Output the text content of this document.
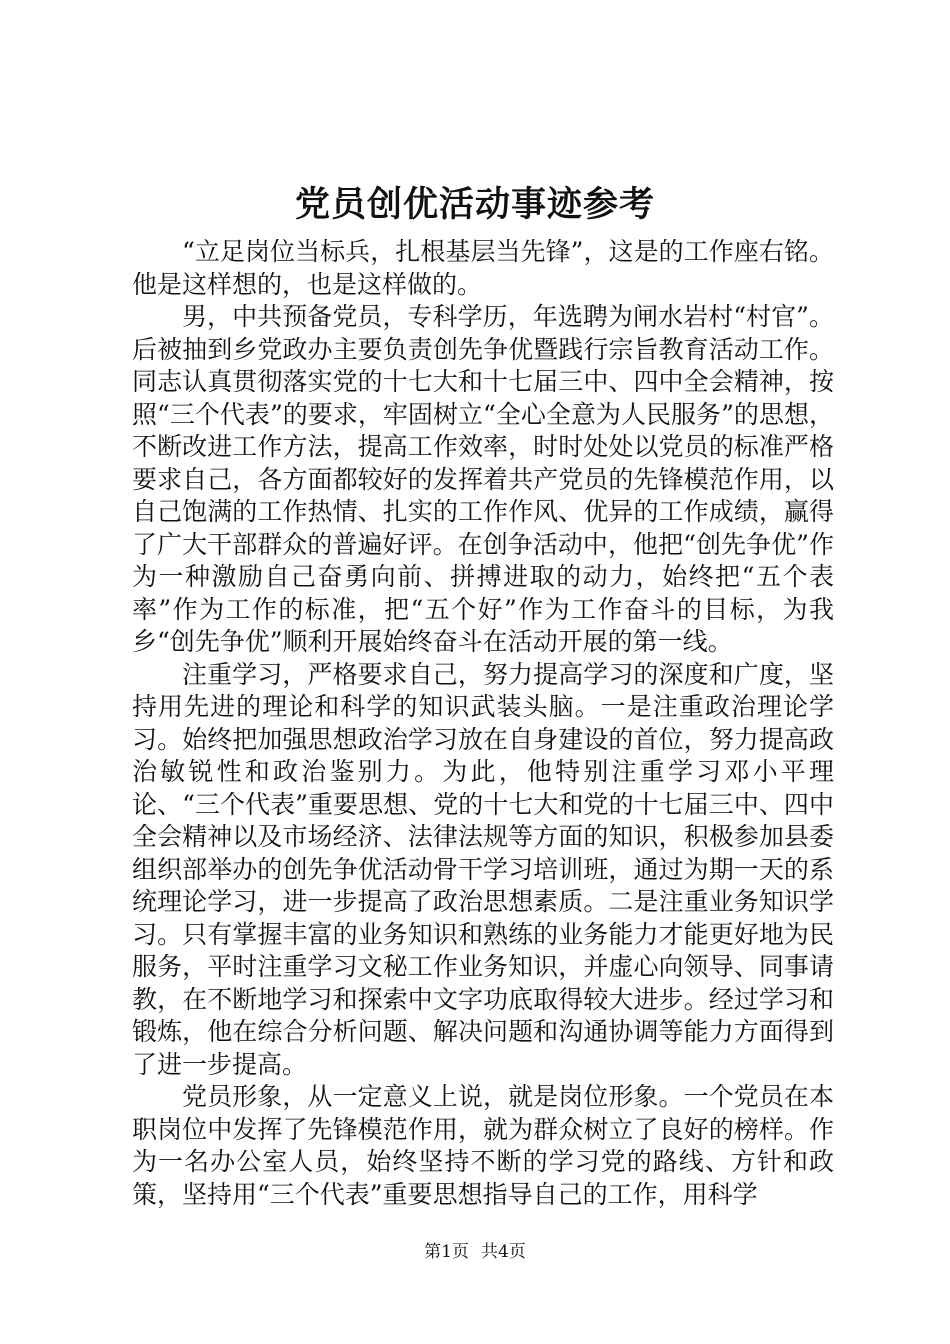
党员创优活动事迹参考

“立足岗位当标兵，扎根基层当先锋”，这是的工作座右铭。他是这样想的，也是这样做的。

男，中共预备党员，专科学历，年选聘为闸水岩村“村官”。后被抽到乡党政办主要负责创先争优暨践行宗旨教育活动工作。同志认真贯彻落实党的十七大和十七届三中、四中全会精神，按照“三个代表”的要求，牢固树立“全心全意为人民服务”的思想，不断改进工作方法，提高工作效率，时时处处以党员的标准严格要求自己，各方面都较好的发挥着共产党员的先锋模范作用，以自己饱满的工作热情、扎实的工作作风、优异的工作成绩，赢得了广大干部群众的普遍好评。在创争活动中，他把“创先争优”作为一种激励自己奋勇向前、拼搏进取的动力，始终把“五个表率”作为工作的标准，把“五个好”作为工作奋斗的目标，为我乡“创先争优”顺利开展始终奋斗在活动开展的第一线。

注重学习，严格要求自己，努力提高学习的深度和广度，坚持用先进的理论和科学的知识武装头脑。一是注重政治理论学习。始终把加强思想政治学习放在自身建设的首位，努力提高政治敏锐性和政治鉴别力。为此，他特别注重学习邓小平理论、“三个代表”重要思想、党的十七大和党的十七届三中、四中全会精神以及市场经济、法律法规等方面的知识，积极参加县委组织部举办的创先争优活动骨干学习培训班，通过为期一天的系统理论学习，进一步提高了政治思想素质。二是注重业务知识学习。只有掌握丰富的业务知识和熟练的业务能力才能更好地为民服务，平时注重学习文秘工作业务知识，并虚心向领导、同事请教，在不断地学习和探索中文字功底取得较大进步。经过学习和锻炼，他在综合分析问题、解决问题和沟通协调等能力方面得到了进一步提高。

党员形象，从一定意义上说，就是岗位形象。一个党员在本职岗位中发挥了先锋模范作用，就为群众树立了良好的榜样。作为一名办公室人员，始终坚持不断的学习党的路线、方针和政策，坚持用“三个代表”重要思想指导自己的工作，用科学

第1页 共4页
